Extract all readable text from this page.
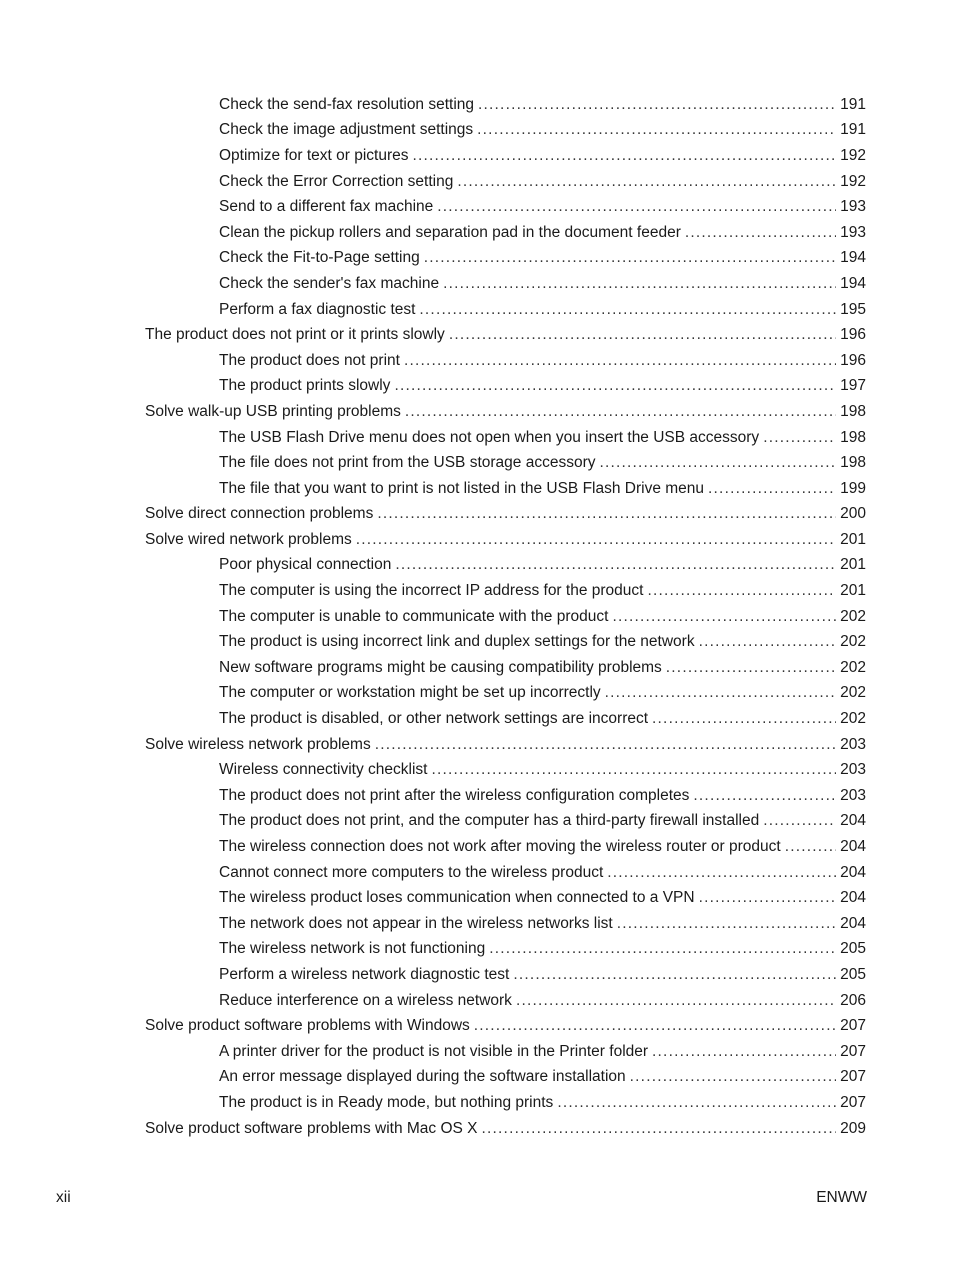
Check the send-fax resolution setting .....	191
Check the image adjustment settings .....	191
Optimize for text or pictures .....	192
Check the Error Correction setting .....	192
Send to a different fax machine .....	193
Clean the pickup rollers and separation pad in the document feeder .....	193
Check the Fit-to-Page setting .....	194
Check the sender's fax machine .....	194
Perform a fax diagnostic test .....	195
The product does not print or it prints slowly .....	196
The product does not print .....	196
The product prints slowly .....	197
Solve walk-up USB printing problems .....	198
The USB Flash Drive menu does not open when you insert the USB accessory .....	198
The file does not print from the USB storage accessory .....	198
The file that you want to print is not listed in the USB Flash Drive menu .....	199
Solve direct connection problems .....	200
Solve wired network problems .....	201
Poor physical connection .....	201
The computer is using the incorrect IP address for the product .....	201
The computer is unable to communicate with the product .....	202
The product is using incorrect link and duplex settings for the network .....	202
New software programs might be causing compatibility problems .....	202
The computer or workstation might be set up incorrectly .....	202
The product is disabled, or other network settings are incorrect .....	202
Solve wireless network problems .....	203
Wireless connectivity checklist .....	203
The product does not print after the wireless configuration completes .....	203
The product does not print, and the computer has a third-party firewall installed .....	204
The wireless connection does not work after moving the wireless router or product .....	204
Cannot connect more computers to the wireless product .....	204
The wireless product loses communication when connected to a VPN .....	204
The network does not appear in the wireless networks list .....	204
The wireless network is not functioning .....	205
Perform a wireless network diagnostic test .....	205
Reduce interference on a wireless network .....	206
Solve product software problems with Windows .....	207
A printer driver for the product is not visible in the Printer folder .....	207
An error message displayed during the software installation .....	207
The product is in Ready mode, but nothing prints .....	207
Solve product software problems with Mac OS X .....	209
xii	ENWW
